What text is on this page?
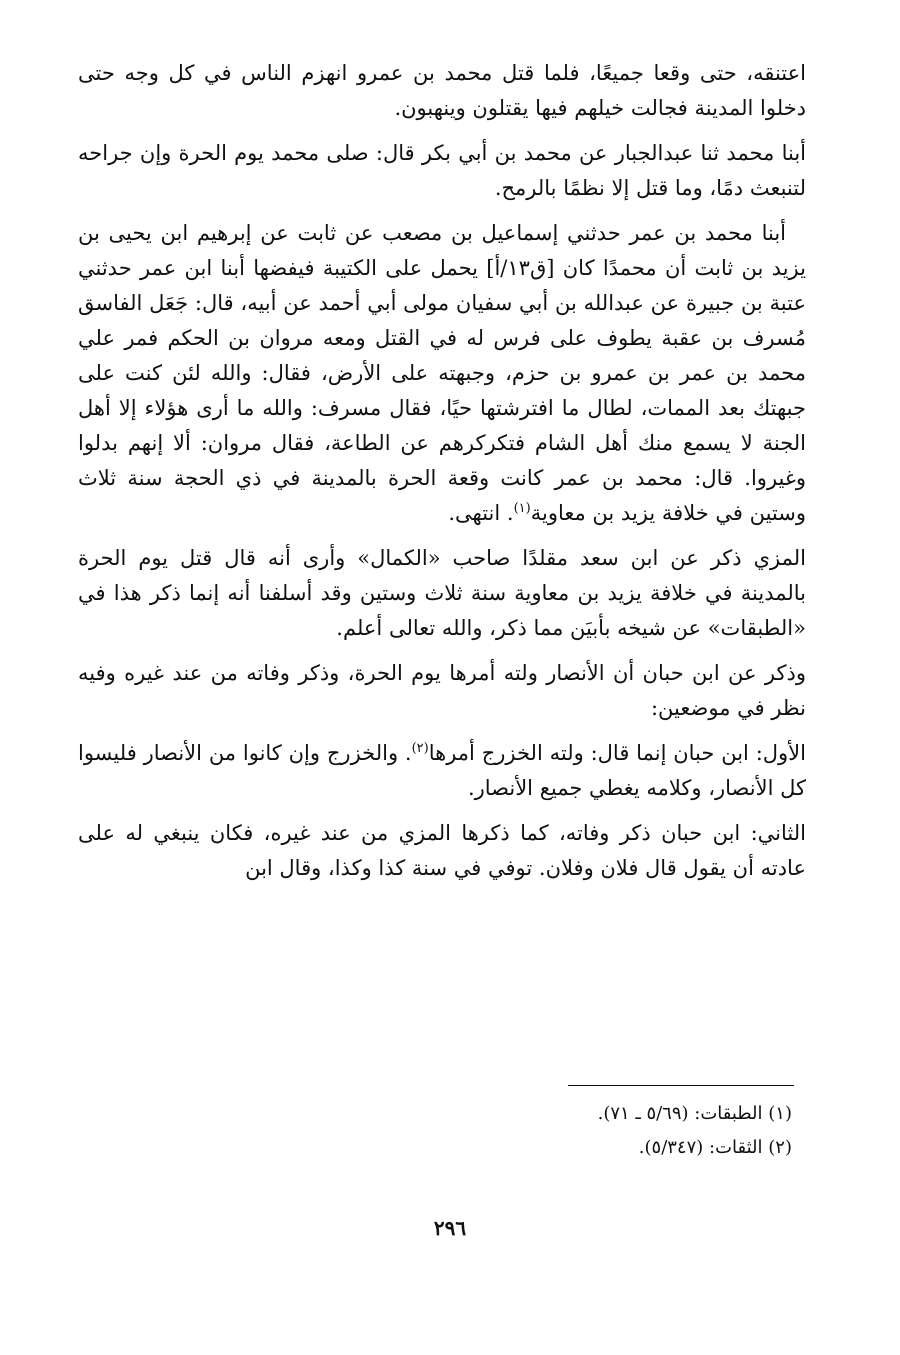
اعتنقه، حتى وقعا جميعًا، فلما قتل محمد بن عمرو انهزم الناس في كل وجه حتى دخلوا المدينة فجالت خيلهم فيها يقتلون وينهبون.

أبنا محمد ثنا عبدالجبار عن محمد بن أبي بكر قال: صلى محمد يوم الحرة وإن جراحه لتنبعث دمًا، وما قتل إلا نظمًا بالرمح.

أبنا محمد بن عمر حدثني إسماعيل بن مصعب عن ثابت عن إبرهيم ابن يحيى بن يزيد بن ثابت أن محمدًا كان [ق١٣/أ] يحمل على الكتيبة فيفضها أبنا ابن عمر حدثني عتبة بن جبيرة عن عبدالله بن أبي سفيان مولى أبي أحمد عن أبيه، قال: جَعَل الفاسق مُسرف بن عقبة يطوف على فرس له في القتل ومعه مروان بن الحكم فمر علي محمد بن عمر بن عمرو بن حزم، وجبهته على الأرض، فقال: والله لئن كنت على جبهتك بعد الممات، لطال ما افترشتها حيًا، فقال مسرف: والله ما أرى هؤلاء إلا أهل الجنة لا يسمع منك أهل الشام فتكركرهم عن الطاعة، فقال مروان: ألا إنهم بدلوا وغيروا. قال: محمد بن عمر كانت وقعة الحرة بالمدينة في ذي الحجة سنة ثلاث وستين في خلافة يزيد بن معاوية$^{(١)}$. انتهى.

المزي ذكر عن ابن سعد مقلدًا صاحب «الكمال» وأرى أنه قال قتل يوم الحرة بالمدينة في خلافة يزيد بن معاوية سنة ثلاث وستين وقد أسلفنا أنه إنما ذكر هذا في «الطبقات» عن شيخه بأبيَن مما ذكر، والله تعالى أعلم.

وذكر عن ابن حبان أن الأنصار ولته أمرها يوم الحرة، وذكر وفاته من عند غيره وفيه نظر في موضعين:

الأول: ابن حبان إنما قال: ولته الخزرج أمرها$^{(٢)}$. والخزرج وإن كانوا من الأنصار فليسوا كل الأنصار، وكلامه يغطي جميع الأنصار.

الثاني: ابن حبان ذكر وفاته، كما ذكرها المزي من عند غيره، فكان ينبغي له على عادته أن يقول قال فلان وفلان. توفي في سنة كذا وكذا، وقال ابن

(١) الطبقات: (٥/٦٩ ـ ٧١).
(٢) الثقات: (٥/٣٤٧).
٢٩٦
